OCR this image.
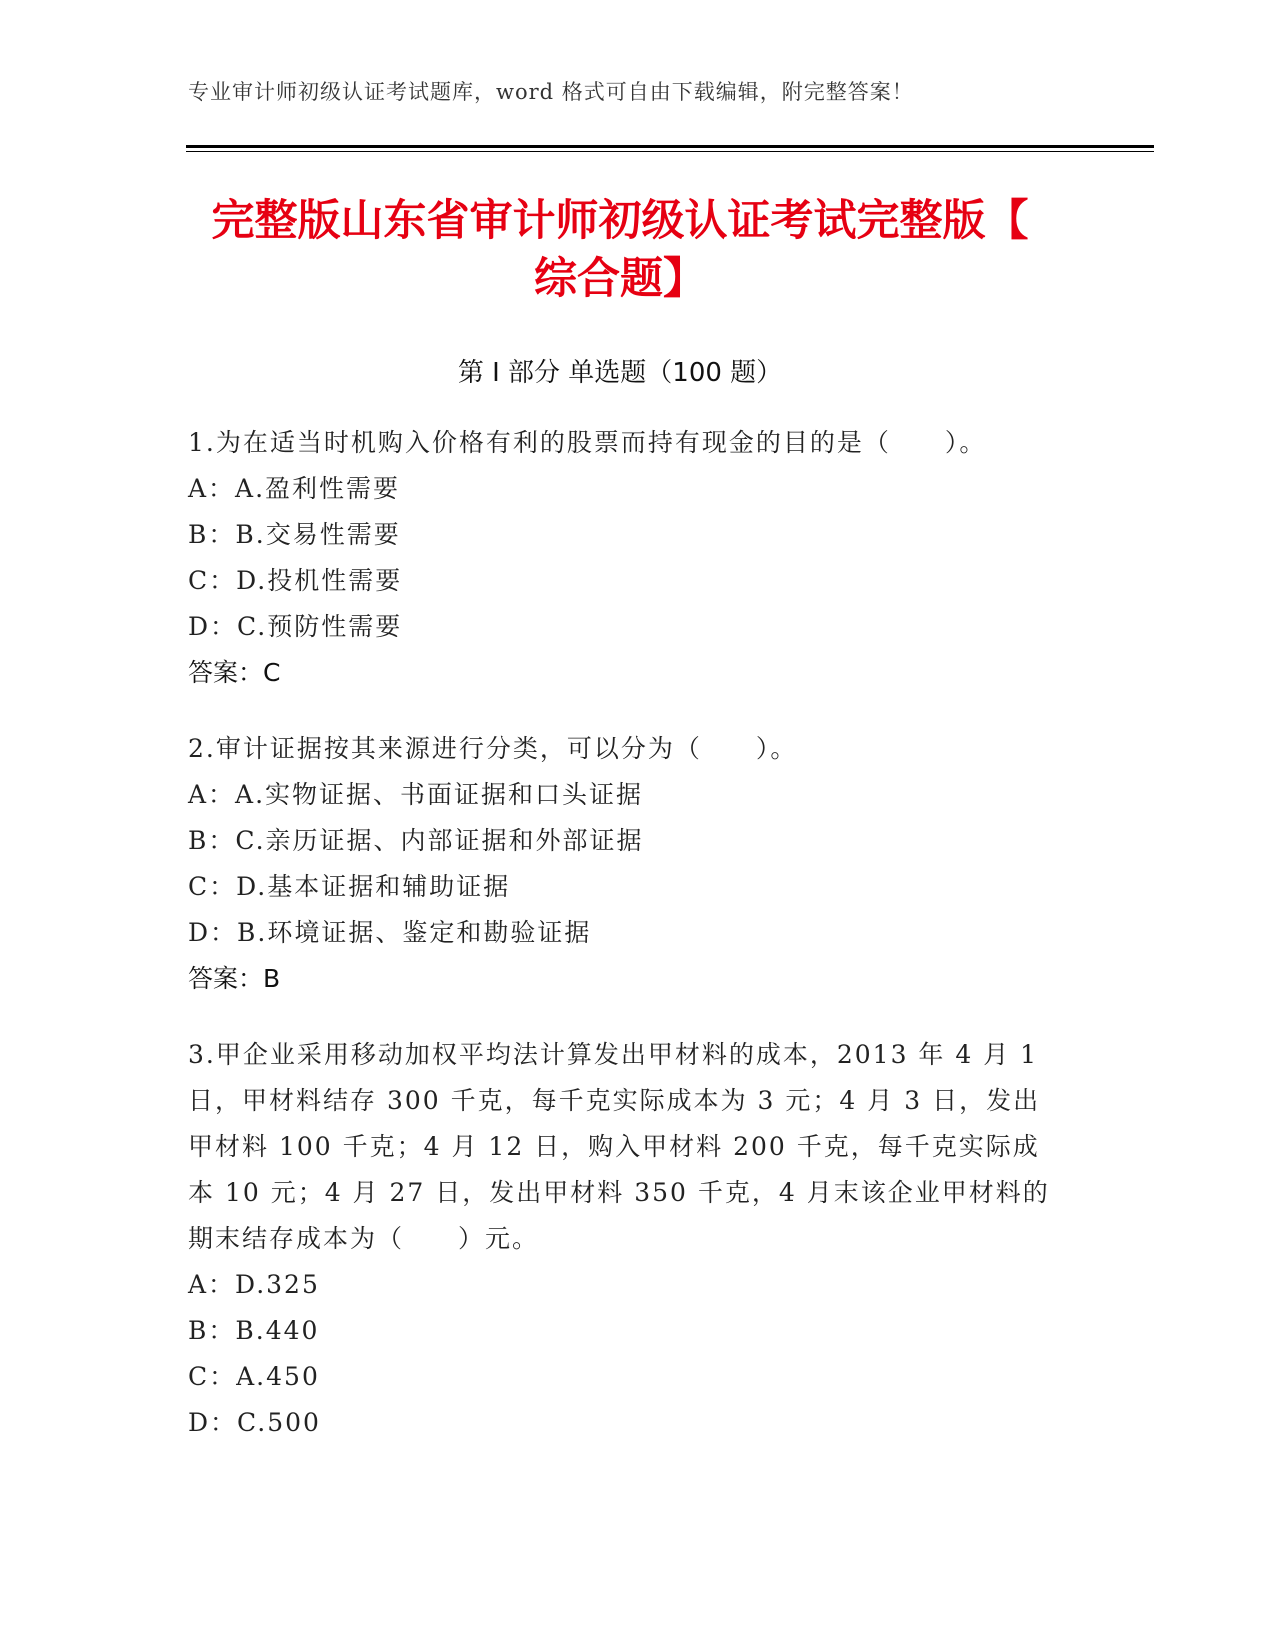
专业审计师初级认证考试题库，word 格式可自由下载编辑，附完整答案！
完整版山东省审计师初级认证考试完整版【
综合题】
第 I 部分 单选题（100 题）

1.为在适当时机购入价格有利的股票而持有现金的目的是（　　）。

A：A.盈利性需要

B：B.交易性需要

C：D.投机性需要

D：C.预防性需要

答案：C

2.审计证据按其来源进行分类，可以分为（　　）。

A：A.实物证据、书面证据和口头证据

B：C.亲历证据、内部证据和外部证据

C：D.基本证据和辅助证据

D：B.环境证据、鉴定和勘验证据

答案：B

3.甲企业采用移动加权平均法计算发出甲材料的成本，2013 年 4 月 1 日，甲材料结存 300 千克，每千克实际成本为 3 元；4 月 3 日，发出甲材料 100 千克；4 月 12 日，购入甲材料 200 千克，每千克实际成本 10 元；4 月 27 日，发出甲材料 350 千克，4 月末该企业甲材料的期末结存成本为（　　）元。

A：D.325

B：B.440

C：A.450

D：C.500
